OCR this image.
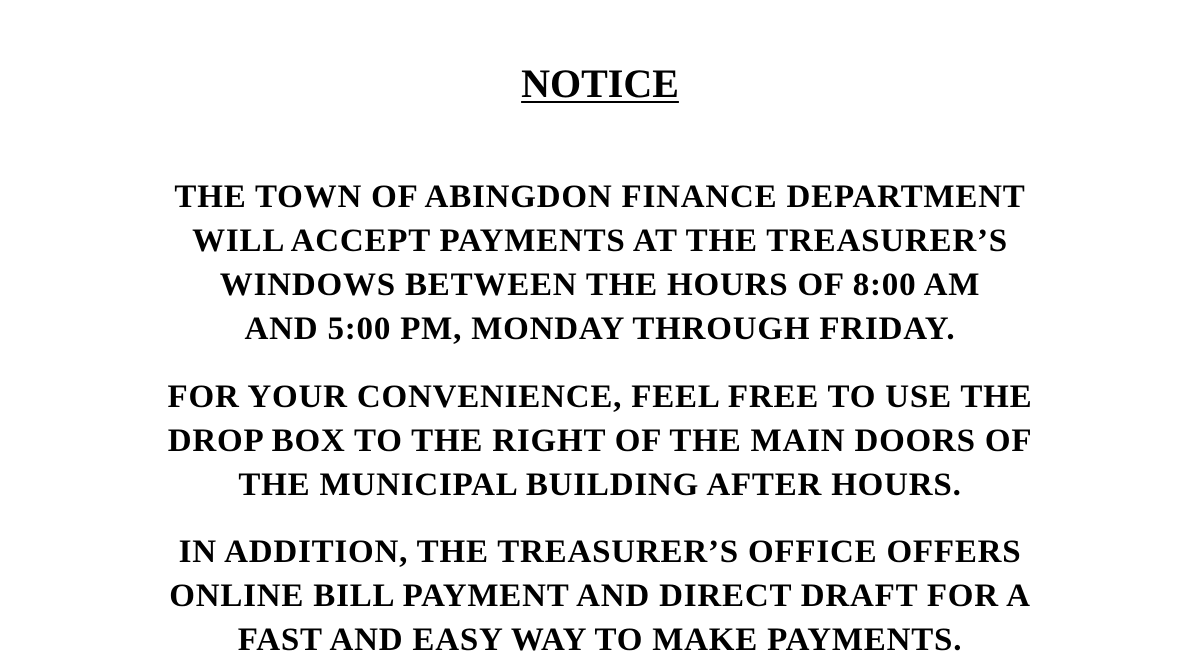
NOTICE

THE TOWN OF ABINGDON FINANCE DEPARTMENT
WILL ACCEPT PAYMENTS AT THE TREASURER’S
WINDOWS BETWEEN THE HOURS OF 8:00 AM
AND 5:00 PM, MONDAY THROUGH FRIDAY.

FOR YOUR CONVENIENCE, FEEL FREE TO USE THE
DROP BOX TO THE RIGHT OF THE MAIN DOORS OF
THE MUNICIPAL BUILDING AFTER HOURS.

IN ADDITION, THE TREASURER’S OFFICE OFFERS
ONLINE BILL PAYMENT AND DIRECT DRAFT FOR A
FAST AND EASY WAY TO MAKE PAYMENTS.
